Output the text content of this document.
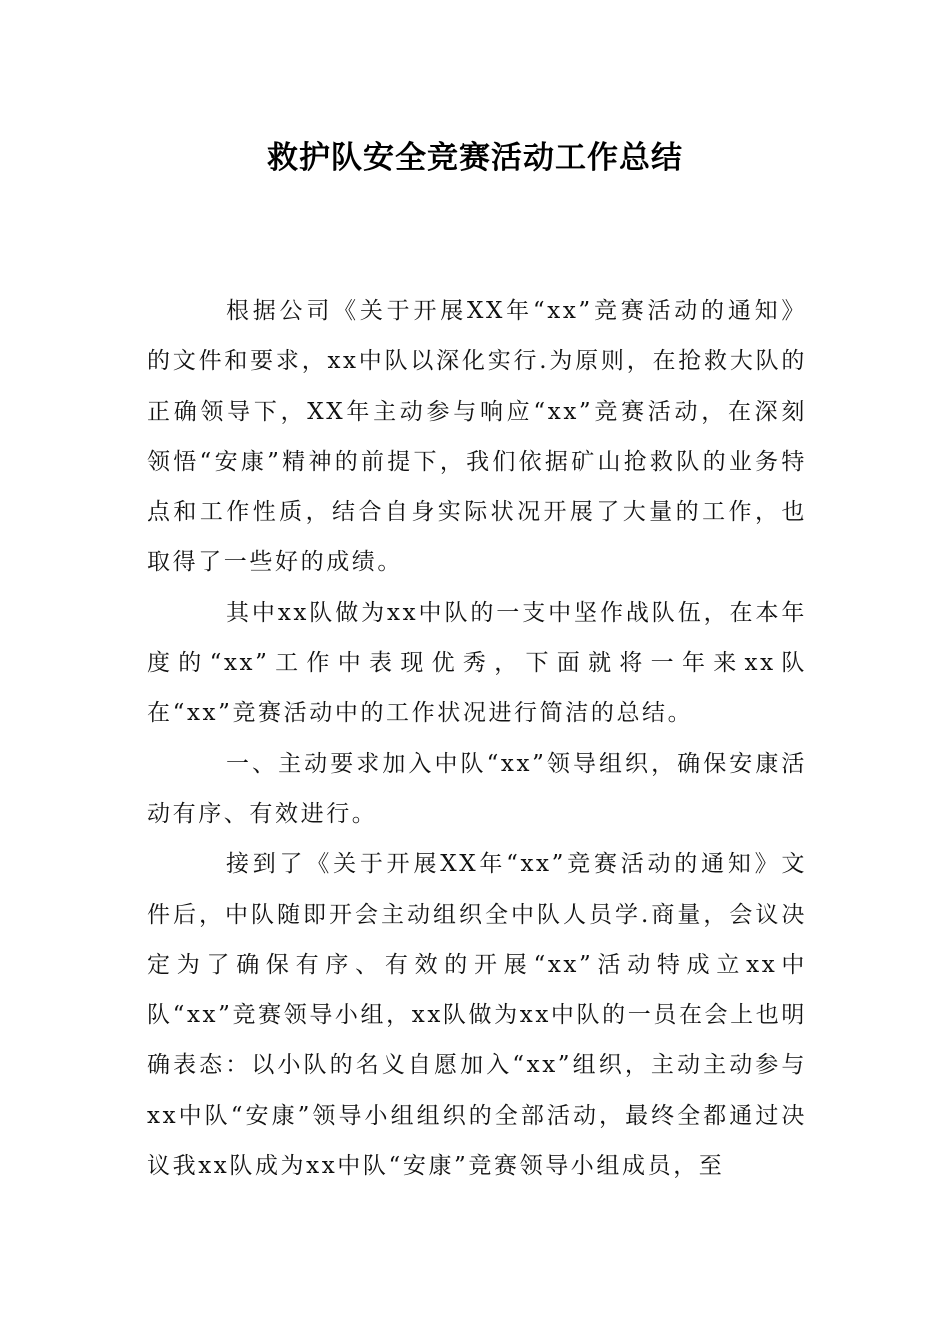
救护队安全竞赛活动工作总结

根据公司《关于开展XX年“xx”竞赛活动的通知》的文件和要求，xx中队以深化实行.为原则，在抢救大队的正确领导下，XX年主动参与响应“xx”竞赛活动，在深刻领悟“安康”精神的前提下，我们依据矿山抢救队的业务特点和工作性质，结合自身实际状况开展了大量的工作，也取得了一些好的成绩。

其中xx队做为xx中队的一支中坚作战队伍，在本年度的“xx”工作中表现优秀，下面就将一年来xx队在“xx”竞赛活动中的工作状况进行简洁的总结。

一、主动要求加入中队“xx”领导组织，确保安康活动有序、有效进行。

接到了《关于开展XX年“xx”竞赛活动的通知》文件后，中队随即开会主动组织全中队人员学.商量，会议决定为了确保有序、有效的开展“xx”活动特成立xx中队“xx”竞赛领导小组，xx队做为xx中队的一员在会上也明确表态：以小队的名义自愿加入“xx”组织，主动主动参与xx中队“安康”领导小组组织的全部活动，最终全都通过决议我xx队成为xx中队“安康”竞赛领导小组成员，至
